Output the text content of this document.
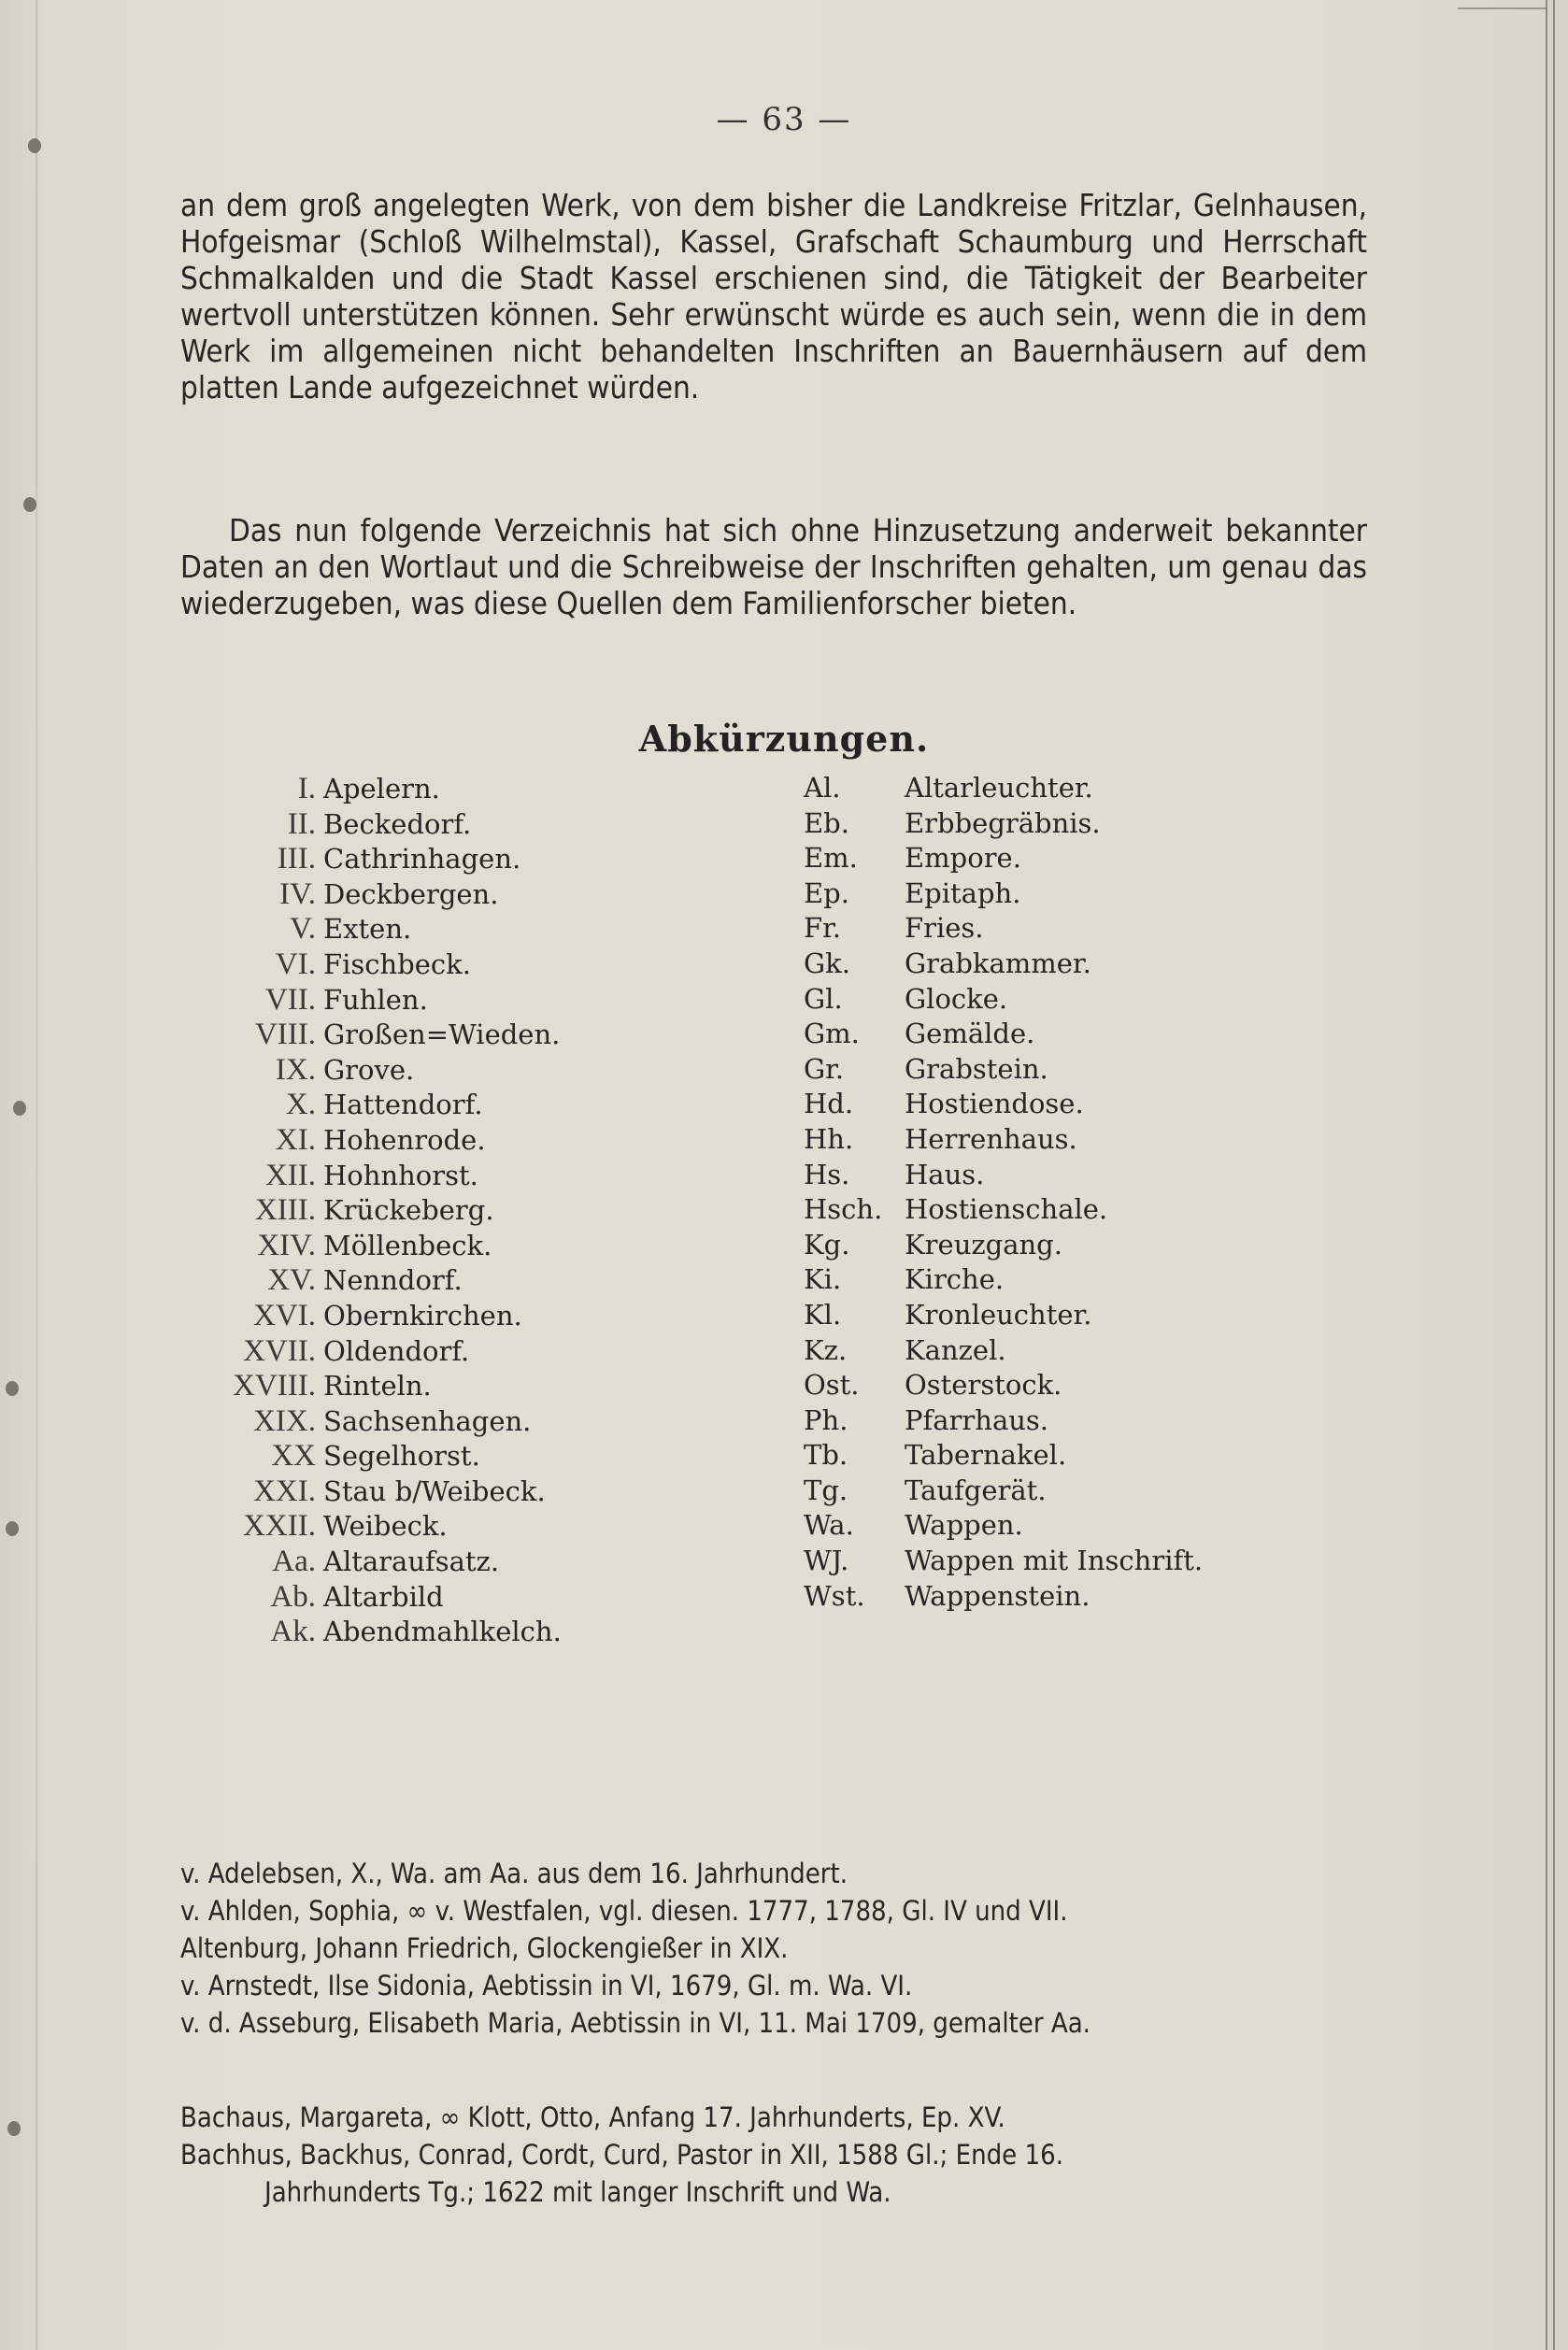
— 63 —

an dem groß angelegten Werk, von dem bisher die Landkreise Fritzlar, Gelnhausen, Hofgeismar (Schloß Wilhelmstal), Kassel, Grafschaft Schaumburg und Herrschaft Schmalkalden und die Stadt Kassel erschienen sind, die Tätigkeit der Bearbeiter wertvoll unterstützen können. Sehr erwünscht würde es auch sein, wenn die in dem Werk im allgemeinen nicht behandelten Inschriften an Bauernhäusern auf dem platten Lande aufgezeichnet würden.

Das nun folgende Verzeichnis hat sich ohne Hinzusetzung anderweit bekannter Daten an den Wortlaut und die Schreibweise der Inschriften gehalten, um genau das wiederzugeben, was diese Quellen dem Familienforscher bieten.

Abkürzungen.
I. Apelern.
II. Beckedorf.
III. Cathrinhagen.
IV. Deckbergen.
V. Exten.
VI. Fischbeck.
VII. Fuhlen.
VIII. Großen=Wieden.
IX. Grove.
X. Hattendorf.
XI. Hohenrode.
XII. Hohnhorst.
XIII. Krückeberg.
XIV. Möllenbeck.
XV. Nenndorf.
XVI. Obernkirchen.
XVII. Oldendorf.
XVIII. Rinteln.
XIX. Sachsenhagen.
XX Segelhorst.
XXI. Stau b/Weibeck.
XXII. Weibeck.
Aa. Altaraufsatz.
Ab. Altarbild
Ak. Abendmahlkelch.
Al.	Altarleuchter.
Eb.	Erbbegräbnis.
Em.	Empore.
Ep.	Epitaph.
Fr.	Fries.
Gk.	Grabkammer.
Gl.	Glocke.
Gm.	Gemälde.
Gr.	Grabstein.
Hd.	Hostiendose.
Hh.	Herrenhaus.
Hs.	Haus.
Hsch. Hostienschale.
Kg.	Kreuzgang.
Ki.	Kirche.
Kl.	Kronleuchter.
Kz.	Kanzel.
Ost.	Osterstock.
Ph.	Pfarrhaus.
Tb.	Tabernakel.
Tg.	Taufgerät.
Wa.	Wappen.
WJ.	Wappen mit Inschrift.
Wst.	Wappenstein.
v. Adelebsen, X., Wa. am Aa. aus dem 16. Jahrhundert.
v. Ahlden, Sophia, ∞ v. Westfalen, vgl. diesen. 1777, 1788, Gl. IV und VII.
Altenburg, Johann Friedrich, Glockengießer in XIX.
v. Arnstedt, Ilse Sidonia, Aebtissin in VI, 1679, Gl. m. Wa. VI.
v. d. Asseburg, Elisabeth Maria, Aebtissin in VI, 11. Mai 1709, gemalter Aa.
Bachaus, Margareta, ∞ Klott, Otto, Anfang 17. Jahrhunderts, Ep. XV.
Bachhus, Backhus, Conrad, Cordt, Curd, Pastor in XII, 1588 Gl.; Ende 16.
Jahrhunderts Tg.; 1622 mit langer Inschrift und Wa.
